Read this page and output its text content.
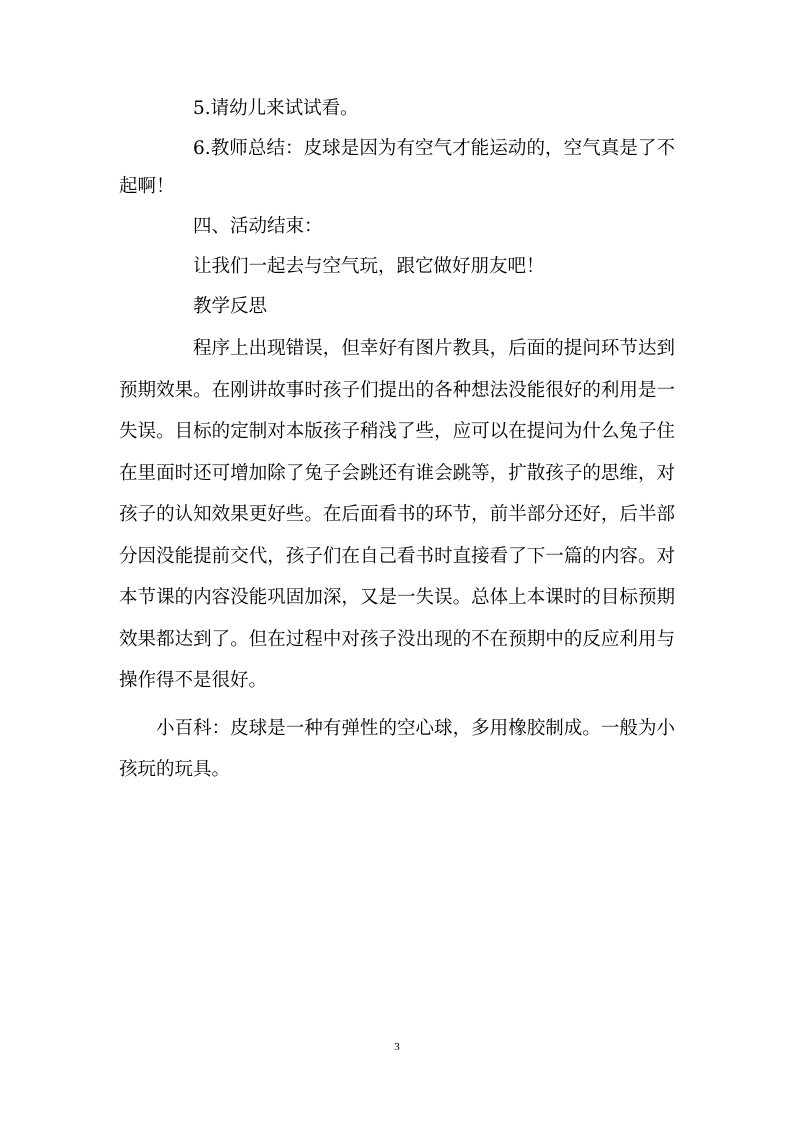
5.请幼儿来试试看。

6.教师总结：皮球是因为有空气才能运动的，空气真是了不起啊！

四、活动结束：

让我们一起去与空气玩，跟它做好朋友吧！

教学反思

程序上出现错误，但幸好有图片教具，后面的提问环节达到预期效果。在刚讲故事时孩子们提出的各种想法没能很好的利用是一失误。目标的定制对本版孩子稍浅了些，应可以在提问为什么兔子住在里面时还可增加除了兔子会跳还有谁会跳等，扩散孩子的思维，对孩子的认知效果更好些。在后面看书的环节，前半部分还好，后半部分因没能提前交代，孩子们在自己看书时直接看了下一篇的内容。对本节课的内容没能巩固加深，又是一失误。总体上本课时的目标预期效果都达到了。但在过程中对孩子没出现的不在预期中的反应利用与操作得不是很好。

小百科：皮球是一种有弹性的空心球，多用橡胶制成。一般为小孩玩的玩具。

3
